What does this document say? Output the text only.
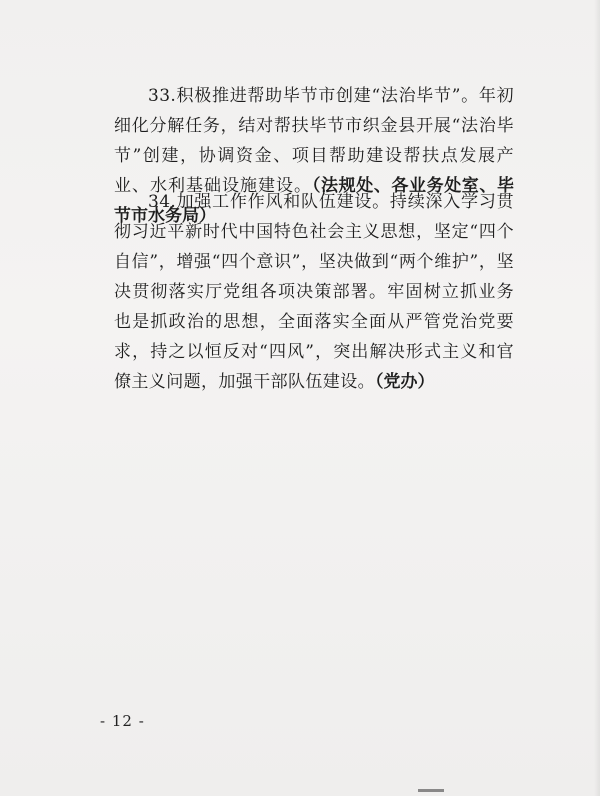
33.积极推进帮助毕节市创建“法治毕节”。年初细化分解任务，结对帮扶毕节市织金县开展“法治毕节”创建，协调资金、项目帮助建设帮扶点发展产业、水利基础设施建设。（法规处、各业务处室、毕节市水务局）

34.加强工作作风和队伍建设。持续深入学习贯彻习近平新时代中国特色社会主义思想，坚定“四个自信”，增强“四个意识”，坚决做到“两个维护”，坚决贯彻落实厅党组各项决策部署。牢固树立抓业务也是抓政治的思想，全面落实全面从严管党治党要求，持之以恒反对“四风”，突出解决形式主义和官僚主义问题，加强干部队伍建设。（党办）

- 12 -
